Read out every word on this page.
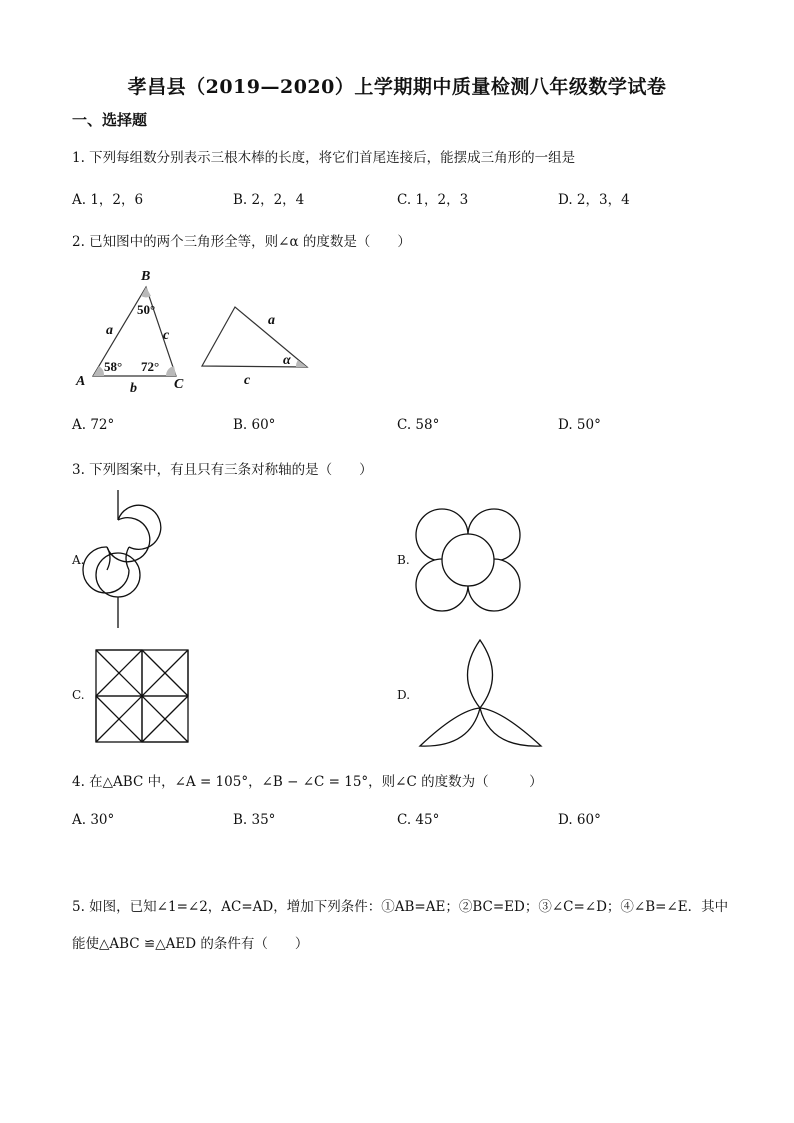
孝昌县（2019—2020）上学期期中质量检测八年级数学试卷
一、选择题
1. 下列每组数分别表示三根木棒的长度，将它们首尾连接后，能摆成三角形的一组是
A. 1，2，6	B. 2，2，4	C. 1，2，3	D. 2，3，4
2. 已知图中的两个三角形全等，则∠α 的度数是（　　）
B
A	C
a
b
c
50°
58° 72°
a
c
α
A. 72°	B. 60°	C. 58°	D. 50°
3. 下列图案中，有且只有三条对称轴的是（　　）
A.	B.
C.	D.
4. 在△ABC 中，∠A = 105°，∠B − ∠C = 15°，则∠C 的度数为（　　　）
A. 30°	B. 35°	C. 45°	D. 60°
5. 如图，已知∠1=∠2，AC=AD，增加下列条件：①AB=AE；②BC=ED；③∠C=∠D；④∠B=∠E．其中
能使△ABC ≌△AED 的条件有（　　）
